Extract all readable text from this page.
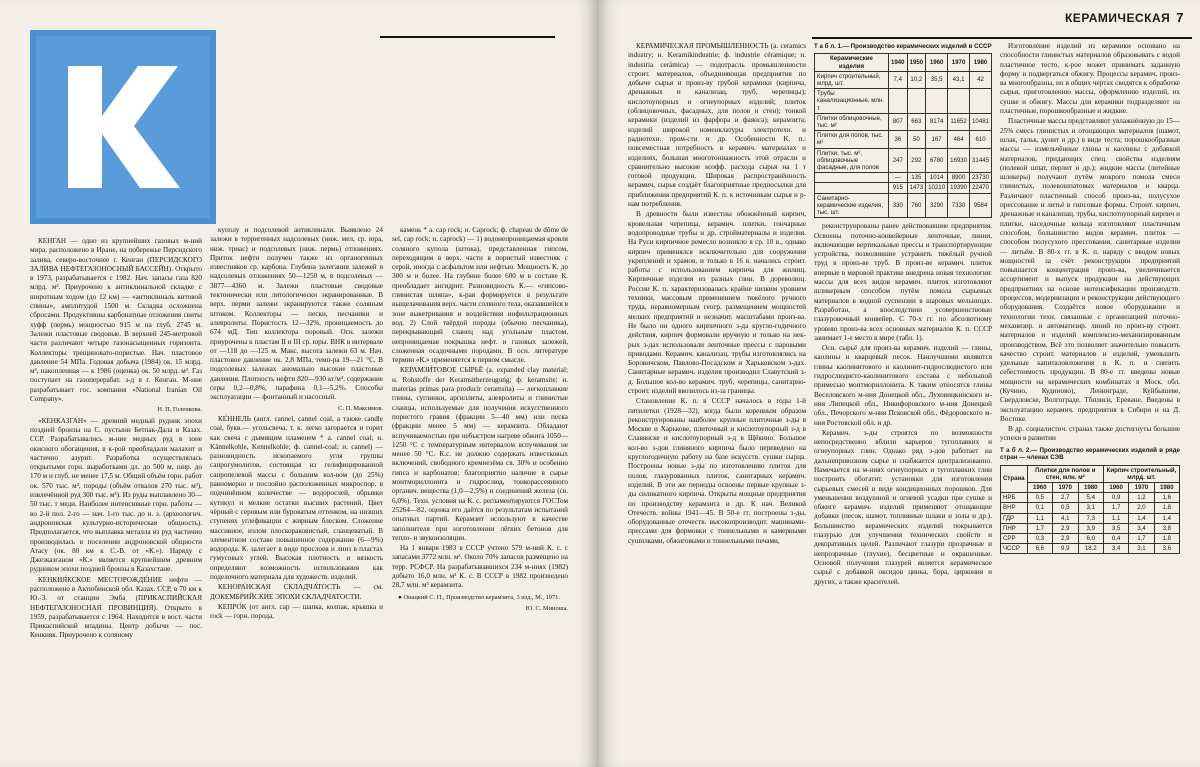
КЕНГА́Н — одно из крупнейших газовых м-ний мира, расположено в Иране, на побережье Персидского залива, северо-восточнее г. Кенган (ПЕРСИДСКОГО ЗАЛИВА НЕФТЕГАЗОНОСНЫЙ БАССЕЙН). Открыто в 1973, разрабатывается с 1982. Нач. запасы газа 820 млрд. м³. Приурочено к антиклинальной складке с широтным ходом (до 12 км) — «антиклиналь китовой спины», амплитудой 1500 м. Складка осложнена сбросами. Продуктивны карбонатные отложения свиты хуфф (пермь) мощностью 915 м на глуб. 2745 м. Залежи пластовые сводовые. В верхней 245-метровой части различают четыре газонасыщенных горизонта. Коллекторы трещиновато-пористые. Нач. пластовое давление 54 МПа. Годовая добыча (1984) ок. 15 млрд. м³, накопленная — к 1986 (оценка) ок. 50 млрд. м³. Газ поступает на газоперерабат. з-д в г. Кенган. М-ние разрабатывает гос. компания «National Iranian Oil Company».

Н. П. Голенкова.

«КЕНКАЗГА́Н» — древний медный рудник эпохи поздней бронзы на С. пустыни Бетпак-Дала в Казах. ССР. Разрабатывались м-ние медных руд в зоне окисного обогащения, в к-рой преобладали малахит и частично азурит. Разработка осуществлялась открытыми горн. выработками дл. до 500 м, шир. до 170 м и глуб. не менее 17,5 м. Общий объём горн. работ ок. 570 тыс. м³, породы (объём отвалов 270 тыс. м³), извлечённой руд 300 тыс. м³). Из руды выплавлено 30—50 тыс. т меди. Наиболее интенсивные горн. работы — во 2-й пол. 2-го — нач. 1-го тыс. до н. э. (археологич. андроновская культурно-историческая общность). Предполагается, что выплавка металла из руд частично производилась в поселении андроновской общности Атасу (ок. 80 км к С.-В. от «К.»). Наряду с Джезказганом «К.» является крупнейшим древним рудником эпохи поздней бронзы в Казахстане.

КЕНКИЯ́КСКОЕ МЕСТОРОЖДЕ́НИЕ нефти — расположено в Актюбинской обл. Казах. ССР, в 70 км к Ю.-З. от станции Эмба (ПРИКАСПИЙСКАЯ НЕФТЕГАЗОНОСНАЯ ПРОВИНЦИЯ). Открыто в 1959, разрабатывается с 1964. Находится в вост. части Прикаспийской впадины. Центр добычи — пос. Кенкияк. Приурочено к соляному

куполу и подсолевой антиклинали. Выявлено 24 залежи в терригенных надсолевых (ниж. мел, ср. юра, ниж. триас) и подсолевых (ниж. пермь) отложениях. Приток нефти получен также из органогенных известняков ср. карбона. Глубина залегания залежей в надсолевых отложениях 50—1250 м, в подсолевых — 3877—4360 м. Залежи пластовые сводовые тектонически или литологически экранированные. В верх. перми залежи экранируются также соляным штоком. Коллекторы — пески, песчаники и алевролиты. Пористость 12—32%, проницаемость до 674 мД. Тип коллектора поровый. Осн. залежи приурочены к пластам II и III ср. юры. ВНК в интервале от —118 до —125 м. Макс. высота залежи 63 м. Нач. пластовое давление ок. 2,8 МПа, темп-ра 19—21 °С. В подсолевых залежах аномально высокие пластовые давления. Плотность нефти 820—930 кг/м³, содержание серы 0,2—0,8%, парафина 0,1—5,2%. Способы эксплуатации — фонтанный и насосный.

С. П. Максимов.

КЕ́ННЕЛЬ (англ. cannel, cannel coal, а также candle coal, букв.— угольсвеча, т. к. легко загорается и горит как свеча с дымящим пламенем * а. cannel coal; н. Kännelkohle, Kennelkohle; ф. cannel-coal; и. cannel) — разновидность ископаемого угля группы сапрогумолитов, состоящая из гелифицированной сапропелевой массы с большим кол-вом (до 25%) равномерно и послойно расположенных микроспор, в подчинённом количестве — водорослей, обрывки кутикул и мелкие остатки высших растений. Цвет чёрный с серовым или буроватым оттенком, на низших ступенях углефикации с жирным блеском. Сложение массивное, излом плоскораковистый, сланцеватый. В элементном составе повышенное содержание (6—9%) водорода. К. залегает в виде прослоев и линз в пластах гумусовых углей. Высокая плотность и вязкость определяют возможность использования как поделочного материала для художеств. изделий.

КЕНОРА́НСКАЯ СКЛАДЧА́ТОСТЬ — см. ДОКЕМБРИЙСКИЕ ЭПОХИ СКЛАДЧАТОСТИ.

КЕПРО́К (от англ. cap — шапка, колпак, крышка и rock — горн. порода,

камень * а. cap rock; н. Caprock; ф. chapeau de dôme de sel, cap rock; и. caprock) — 1) водонепроницаемая кровля соляного купола (штока), представленная гипсом, переходящим в верх. части в пористый известняк с серой, иногда с асфальтом или нефтью. Мощность К. до 300 м и более. На глубине более 600 м в составе К. преобладает ангидрит. Разновидность К.— «гипсово-глинистая шляпа», к-рая формируется в результате выщелачивания верх. части соляного тела, оказавшейся в зоне выветривания и воздействия инфильтрационных вод. 2) Слой твёрдой породы (обычно песчаника), перекрывающий сланец над угольным пластом, непроницаемая покрышка нефт. и газовых залежей, сложенная осадочными породами. В осн. литературе термин «К.» применяется в первом смысле.

КЕРАМЗИ́ТОВОЕ СЫРЬЁ (а. expanded clay material; н. Rohstoffe der Keramsitherzeugung; ф. keramsite; и. materias primas para producir ceramsita) — легкоплавкие глины, суглинки, аргиллиты, алевролиты и глинистые сланцы, используемые для получения искусственного пористого гравия (фракции 5—40 мм) или песка (фракции менее 5 мм) — керамзита. Обладают вспучиваемостью при небыстром нагреве обжига 1050—1250 °С с температурным интервалом вспучивания не менее 50 °С. К.с. не должно содержать известковых включений, свободного кремнезёма св. 30% и особенно гипса и карбонатов; благоприятно наличие в сырье монтмориллонита и гидрослюд, тонкорассеянного органич. вещества (1,0—2,5%) и соединений железа (св. 6,0%). Техн. условия на К. с. регламентируются ГОСТом 25264—82, оценка его даётся по результатам испытаний опытных партий. Керамзит используют в качестве заполнителя при изготовлении лёгких бетонов для тепло- и звукоизоляции.

На 1 января 1983 в СССР учтено 579 м-ний К. с. с запасами 3772 млн. м³. Около 70% запасов размещено на терр. РСФСР. На разрабатывавшихся 234 м-ниях (1982) добыто 16,0 млн. м³ К. с. В СССР в 1982 произведено 28,7 млн. м³ керамзита.

● Онацкий С. П., Производство керамзита, 3 изд., М., 1971.
Ю. С. Миноша.
КЕРАМИЧЕСКАЯ 7

КЕРАМИ́ЧЕСКАЯ ПРОМЫ́ШЛЕННОСТЬ (а. ceramics industry; н. Keramikindustrie; ф. industrie céramique; и. industria cerámica) — подотрасль промышленности строит. материалов, объединяющая предприятия по добыче сырья и произ-ву грубой керамики (кирпича, дренажных и канализац. труб, черепицы); кислотоупорных и огнеупорных изделий; плиток (облицовочных, фасадных, для полов и стен); тонкой керамики (изделий из фарфора и фаянса); керамзита; изделий широкой номенклатуры электротехн. и радиотехн. пром-сти и др. Особенности К. п.: повсеместная потребность в керамич. материалах и изделиях, большая многотоннажность этой отрасли и сравнительно высокие коэфф. расхода сырья на 1 т готовой продукции. Широкая распространённость керамич. сырья создаёт благоприятные предпосылки для приближения предприятий К. п. к источникам сырья и р-нам потребления.

В древности были известны обожжённый кирпич, кровельная черепица, керамич. плитки, гончарные водопроводные трубы и др. стройматериалы и изделия. На Руси кирпичное ремесло возникло в ср. 10 в., однако кирпич применялся исключительно для сооружения укреплений и храмов, и только в 16 в. начались строит. работы с использованием кирпича для жилищ. Кирпичные изделия из разных глин. В дореволюц. России К. п. характеризовалась крайне низким уровнем техники, массовым применением тяжёлого ручного труда, неравномерным геогр. размещением мощностей мелких предприятий и незначит. масштабами произ-ва. Не было ни одного кирпичного з-да кругло-годичного действия, кирпич формовали вручную и только на нек-рых з-дах использовали ленточные прессы с паровыми приводами. Керамич. канализац. трубы изготовлялись на Боровичском, Павлово-Посадском и Харьковском з-дах. Санитарные керамич. изделия производил Славутский з-д. Большое кол-во керамич. труб, черепицы, санитарно-строит. изделий ввозилось из-за границы.

Становление К. п. в СССР началось в годы 1-й пятилетки (1928—32), когда были коренным образом реконструированы наиболее крупные плиточные з-ды в Москве и Харькове, плиточный и кислотоупорный з-д в Славянске и кислотоупорный з-д в Щёкино. Большое кол-во з-дов глиняного кирпича было переведено на круглогодичную работу на базе искусств. сушки сырца. Построены новые з-ды по изготовлению плиток для полов, глазурованных плиток, санитарных керамич. изделий. В эти же периоды освоены первые крупные з-ды силикатного кирпича. Открыты мощные предприятия по производству керамзита и др. К нач. Великой Отечеств. войны 1941—45. В 50-е гг. построены з-ды, оборудованные отечеств. высокопроизводит. машинами-прессами для формовки с тоннельными и камерными сушилками, обжиговыми и тоннельными печами,

Т а б л. 1.— Производство керамических изделий в СССР
Керамические изделия	1940	1950	1960	1970	1980
Кирпич строительный, млрд. шт.	7,4	10,2	35,5	43,1	42
Трубы канализационные, млн. т					
Плитки облицовочные, тыс. м²	807	663	8174	11652	10481
Плитки для полов, тыс. м²	36	50	167	464	610
Плитки, тыс. м², облицовочные фасадные, для полов	247	292	6780	16930	31445
	—	135	1014	8900	23730
	915	1473	10210	19390	22470
Санитарно-керамические изделия, тыс. шт.	330	760	3290	7330	9584

реконструированы ранее действовавшие предприятия. Освоены поточно-конвейерные ленточные, линии, включающие вертикальные прессы и транспортирующие устройства, позволившие устранить тяжёлый ручной труд в произ-ве труб. В произ-ве керамич. плиток впервые в мировой практике внедрена новая технология: массы для всех видов керамич. плиток изготовляют шликерным способом путём помола сырьевых материалов в водной суспензии в шаровых мельницах. Разработан, а впоследствии усовершенствован глазуровочный конвейер. С 70-х гг. по абсолютному уровню произ-ва всех основных материалов К. п. СССР занимает 1-е место в мире (табл. 1).

Осн. сырьё для произ-ва керамич. изделий — глины, каолины и кварцевый песок. Наилучшими являются глины каолинитового и каолинит-гидрослюдистого или гидрослюдисто-каолинитового состава с небольшой примесью монтмориллонита. К таким относятся глины Веселовского м-ния Донецкой обл., Луховицкинского м-ния Липецкой обл., Никифоровского м-ния Донецкой обл., Печорского м-ния Псковской обл., Фёдоровского м-ния Ростовской обл. и др.

Керамич. з-ды строятся по возможности непосредственно вблизи карьеров тугоплавких и огнеупорных глин. Однако ряд з-дов работает на дальнепривозном сырье и снабжается централизованно. Намечается на м-ниях огнеупорных и тугоплавких глин построить обогатит. установки для изготовления сырьевых смесей в виде кондиционных порошков. Для уменьшения воздушной и огневой усадки при сушке и обжиге керамич. изделий применяют отощающие добавки (песок, шамот, топливные шлаки и золы и др.). Большинство керамических изделий покрывается глазурью для улучшения технических свойств и декоративных целей. Различают глазури прозрачные и непрозрачные (глухие), бесцветные и окрашенные. Основой получения глазурей является керамическое сырьё с добавкой оксидов цинка, бора, циркония и других, а также красителей.

Изготовление изделий из керамики основано на способности глинистых материалов образовывать с водой пластичное тесто, к-рое может принимать заданную форму и подвергаться обжигу. Процессы керамич. произ-ва многообразны, но в общих чертах сводятся к обработке сырья, приготовлению массы, оформлению изделий, их сушке и обжигу. Массы для керамики подразделяют на пластичные, порошкообразные и жидкие.

Пластичные массы представляют увлажнённую до 15—25% смесь глинистых и отощающих материалов (шамот, шлак, тальк, дунит и др.) в виде теста; порошкообразные массы — измельчённые глины и каолины с добавкой материалов, придающих спец. свойства изделиям (полевой шпат, перлит и др.); жидкие массы (литейные шликеры) получают путём мокрого помола смеси глинистых, полевошпатовых материалов и кварца. Различают пластичный способ произ-ва, полусухое прессование и литьё в гипсовые формы. Строит. кирпич, дренажные и канализац. трубы, кислотоупорный кирпич и плитки, наседочные кольца изготовляют пластичным способом, большинство видов керамич. плиток — способом полусухого прессования, санитарные изделия — литьём. В 80-х гг. в К. п. наряду с вводом новых мощностей за счёт реконструкции предприятий повышается концентрация произ-ва, увеличивается ассортимент и выпуск продукции на действующих предприятиях на основе интенсификации производств. процессов, модернизации и реконструкции действующего оборудования. Создаётся новое оборудование и технологии техн. связанные с организацией поточно-механизир. и автоматизир. линий по произ-ву строит. материалов и изделий комплексно-механизированным производством. Всё это позволяет значительно повысить качество строит. материалов и изделий, уменьшить удельные капиталовложения в К. п. и снизить себестоимость продукции. В 80-е гг. введены новые мощности на керамических комбинатах в Моск. обл. (Кучино, Кудиново), Ленинграде, Куйбышеве, Свердловске, Волгограде, Тбилиси, Ереване. Введены в эксплуатацию керамич. предприятия в Сибири и на Д. Востоке.

В др. социалистич. странах также достигнуты большие успехи в развитии

Т а б л. 2.— Производство керамических изделий в ряде стран — членах СЭВ
Страна	Плитки для полов и стен, млн. м²			Кирпич строительный, млрд. шт.		
	1960	1970	1980	1960	1970	1980
НРБ	0,5	2,7	5,4	0,9	1,2	1,6
ВНР	0,1	0,5	3,1	1,7	2,0	1,8
ГДР	1,1	4,1	7,3	1,1	1,4	1,4
ПНР	1,7	2,9	3,9	3,5	3,4	3,8
СРР	0,3	2,9	6,0	0,4	1,7	1,8
ЧССР	6,6	9,9	18,2	3,4	3,1	3,6
